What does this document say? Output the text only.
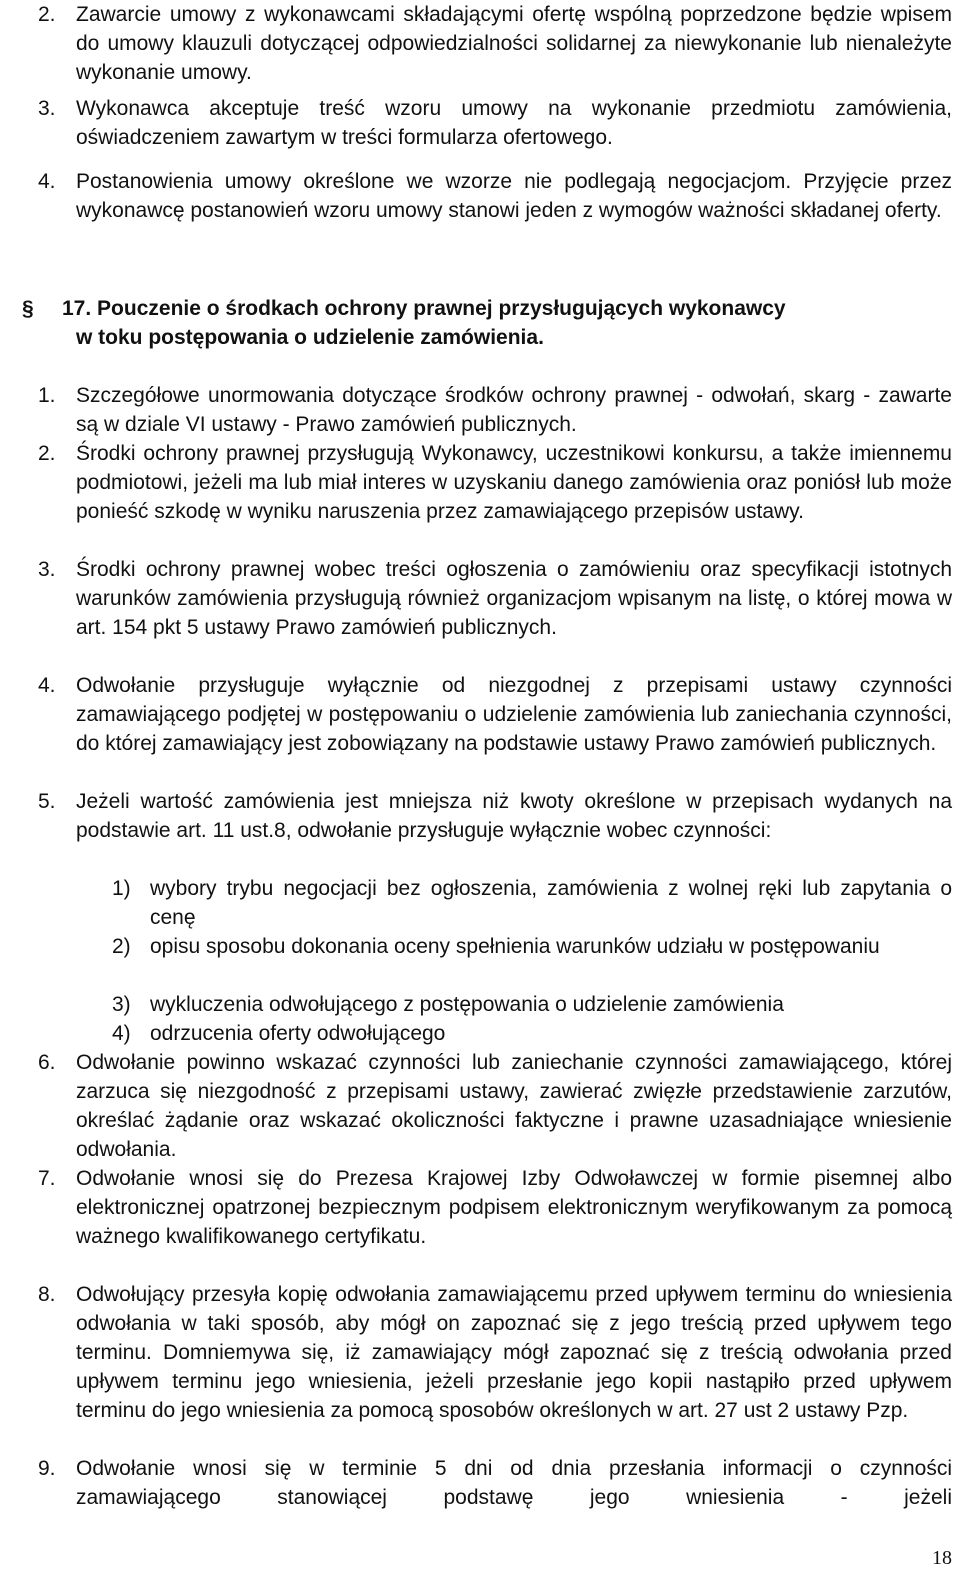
2. Zawarcie umowy z wykonawcami składającymi ofertę wspólną poprzedzone będzie wpisem do umowy klauzuli dotyczącej odpowiedzialności solidarnej za niewykonanie lub nienależyte wykonanie umowy.
3. Wykonawca akceptuje treść wzoru umowy na wykonanie przedmiotu zamówienia, oświadczeniem zawartym w treści formularza ofertowego.
4. Postanowienia umowy określone we wzorze nie podlegają negocjacjom. Przyjęcie przez wykonawcę postanowień wzoru umowy stanowi jeden z wymogów ważności składanej oferty.
§ 17. Pouczenie o środkach ochrony prawnej przysługujących wykonawcy
w toku postępowania o udzielenie zamówienia.
1. Szczegółowe unormowania dotyczące środków ochrony prawnej - odwołań, skarg - zawarte są w dziale VI ustawy - Prawo zamówień publicznych.
2. Środki ochrony prawnej przysługują Wykonawcy, uczestnikowi konkursu, a także imiennemu podmiotowi, jeżeli ma lub miał interes w uzyskaniu danego zamówienia oraz poniósł lub może ponieść szkodę w wyniku naruszenia przez zamawiającego przepisów ustawy.
3. Środki ochrony prawnej wobec treści ogłoszenia o zamówieniu oraz specyfikacji istotnych warunków zamówienia przysługują również organizacjom wpisanym na listę, o której mowa w art. 154 pkt 5 ustawy Prawo zamówień publicznych.
4. Odwołanie przysługuje wyłącznie od niezgodnej z przepisami ustawy czynności zamawiającego podjętej w postępowaniu o udzielenie zamówienia lub zaniechania czynności, do której zamawiający jest zobowiązany na podstawie ustawy Prawo zamówień publicznych.
5. Jeżeli wartość zamówienia jest mniejsza niż kwoty określone w przepisach wydanych na podstawie art. 11 ust.8, odwołanie przysługuje wyłącznie wobec czynności:
1) wybory trybu negocjacji bez ogłoszenia, zamówienia z wolnej ręki lub zapytania o cenę
2) opisu sposobu dokonania oceny spełnienia warunków udziału w postępowaniu
3) wykluczenia odwołującego z postępowania o udzielenie zamówienia
4) odrzucenia oferty odwołującego
6. Odwołanie powinno wskazać czynności lub zaniechanie czynności zamawiającego, której zarzuca się niezgodność z przepisami ustawy, zawierać zwięzłe przedstawienie zarzutów, określać żądanie oraz wskazać okoliczności faktyczne i prawne uzasadniające wniesienie odwołania.
7. Odwołanie wnosi się do Prezesa Krajowej Izby Odwoławczej w formie pisemnej albo elektronicznej opatrzonej bezpiecznym podpisem elektronicznym weryfikowanym za pomocą ważnego kwalifikowanego certyfikatu.
8. Odwołujący przesyła kopię odwołania zamawiającemu przed upływem terminu do wniesienia odwołania w taki sposób, aby mógł on zapoznać się z jego treścią przed upływem tego terminu. Domniemywa się, iż zamawiający mógł zapoznać się z treścią odwołania przed upływem terminu jego wniesienia, jeżeli przesłanie jego kopii nastąpiło przed upływem terminu do jego wniesienia za pomocą sposobów określonych w art. 27 ust 2 ustawy Pzp.
9. Odwołanie wnosi się w terminie 5 dni od dnia przesłania informacji o czynności zamawiającego stanowiącej podstawę jego wniesienia - jeżeli
18
